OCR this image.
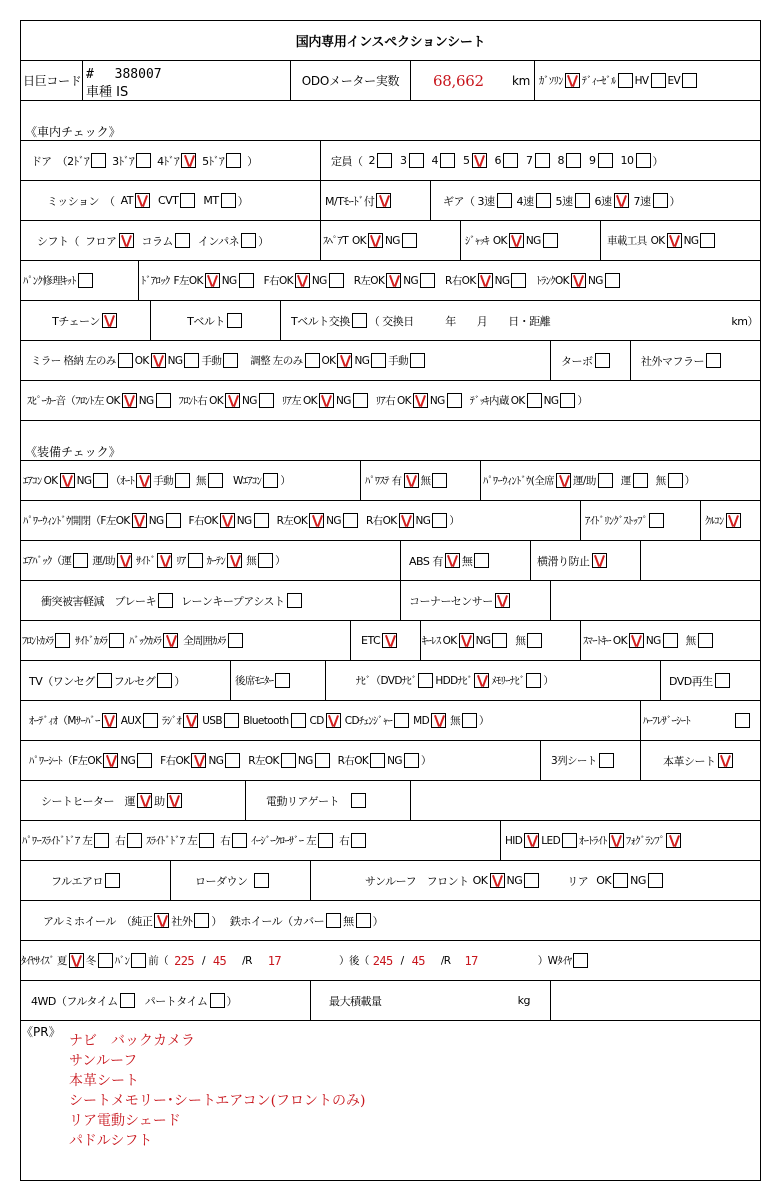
国内専用インスペクションシート
日巨コード #　 388007
車種 IS
ODOメーター実数 68,662 km ｶﾞｿﾘﾝ ﾃﾞｨｰｾﾞﾙ HV EV
《車内チェック》
ドア　（2ﾄﾞｱ 3ﾄﾞｱ 4ﾄﾞｱ 5ﾄﾞｱ ）	定員（ 2 3 4 5 6 7 8 9 10 ）
ミッション　（ AT CVT MT ）	M/Tﾓｰﾄﾞ付	ギア（ 3速 4速 5速 6速 7速 ）
シフト（ フロア コラム インパネ ）	ｽﾍﾟｱT OK NG	ｼﾞｬｯｷ OK NG	車載工具 OK NG
ﾊﾟﾝｸ修理ｷｯﾄ	ﾄﾞｱﾛｯｸ F左 OK NG	F右 OK NG	R左 OK NG	R右 OK NG	ﾄﾗﾝｸ OK NG
Tチェーン	Tベルト	Tベルト交換 （ 交換日　　　年　　月　　日・距離	km）
ミラー 格納 左のみ OK NG 手動	調整 左のみ OK NG 手動	ターボ	社外マフラー
ｽﾋﾟｰｶｰ音（ ﾌﾛﾝﾄ左 OK NG ﾌﾛﾝﾄ右 OK NG ﾘｱ左 OK NG ﾘｱ右 OK NG ﾃﾞｯｷ内蔵 OK NG ）
《装備チェック》
ｴｱｺﾝ OK NG （ ｵｰﾄ 手動 無	Wｴｱｺﾝ ）	ﾊﾟﾜｽﾃ 有 無	ﾊﾟﾜｰｳｨﾝﾄﾞｳ(全席 運/助 運 無 ）
ﾊﾟﾜｰｳｨﾝﾄﾞｳ開閉（ F左 OK NG F右 OK NG R左 OK NG R右 OK NG ）	ｱｲﾄﾞﾘﾝｸﾞｽﾄｯﾌﾟ	ｸﾙｺﾝ
ｴｱﾊﾞｯｸ（ 運 運/助 ｻｲﾄﾞ ﾘｱ ｶｰﾃﾝ 無 ）	ABS 有 無	横滑り防止
衝突被害軽減　ブレーキ レーンキープアシスト	コーナーセンサー
ﾌﾛﾝﾄｶﾒﾗ ｻｲﾄﾞｶﾒﾗ ﾊﾞｯｸｶﾒﾗ 全周囲ｶﾒﾗ	ETC	ｷｰﾚｽ OK NG 無	ｽﾏｰﾄｷｰ OK NG 無
TV（ ワンセグ フルセグ ）	後席ﾓﾆﾀｰ	ﾅﾋﾞ（ DVDﾅﾋﾞ HDDﾅﾋﾞ ﾒﾓﾘｰﾅﾋﾞ ）	DVD再生
ｵｰﾃﾞｨｵ（ Mｻｰﾊﾞｰ AUX ﾗｼﾞｵ USB Bluetooth CD CDﾁｪﾝｼﾞｬｰ MD 無 ）	ﾊｰﾌﾚｻﾞｰｼｰﾄ
ﾊﾟﾜｰｼｰﾄ（ F左 OK NG F右 OK NG R左 OK NG R右 OK NG ）	3列シート	本革シート
シートヒーター　運 助	電動リアゲート
ﾊﾟﾜｰｽﾗｲﾄﾞﾄﾞｱ 左 右 ｽﾗｲﾄﾞﾄﾞｱ 左 右 ｲｰｼﾞｰｸﾛｰｻﾞｰ 左 右	HID LED ｵｰﾄﾗｲﾄ ﾌｫｸﾞﾗﾝﾌﾟ
フルエアロ	ローダウン	サンルーフ　フロント OK NG	リア OK NG
アルミホイール　（ 純正 社外 ） 鉄ホイール（ カバー 無 ）
ﾀｲﾔｻｲｽﾞ 夏 冬 ﾊﾞﾝ 前（ 225 / 45 /R 17	）後（ 245 / 45 /R 17	）Wﾀｲﾔ
4WD（ フルタイム パートタイム ）	最大積載量	kg
《PR》
ナビ　バックカメラ
サンルーフ
本革シート
シートメモリー･シートエアコン(フロントのみ)
リア電動シェード
パドルシフト
